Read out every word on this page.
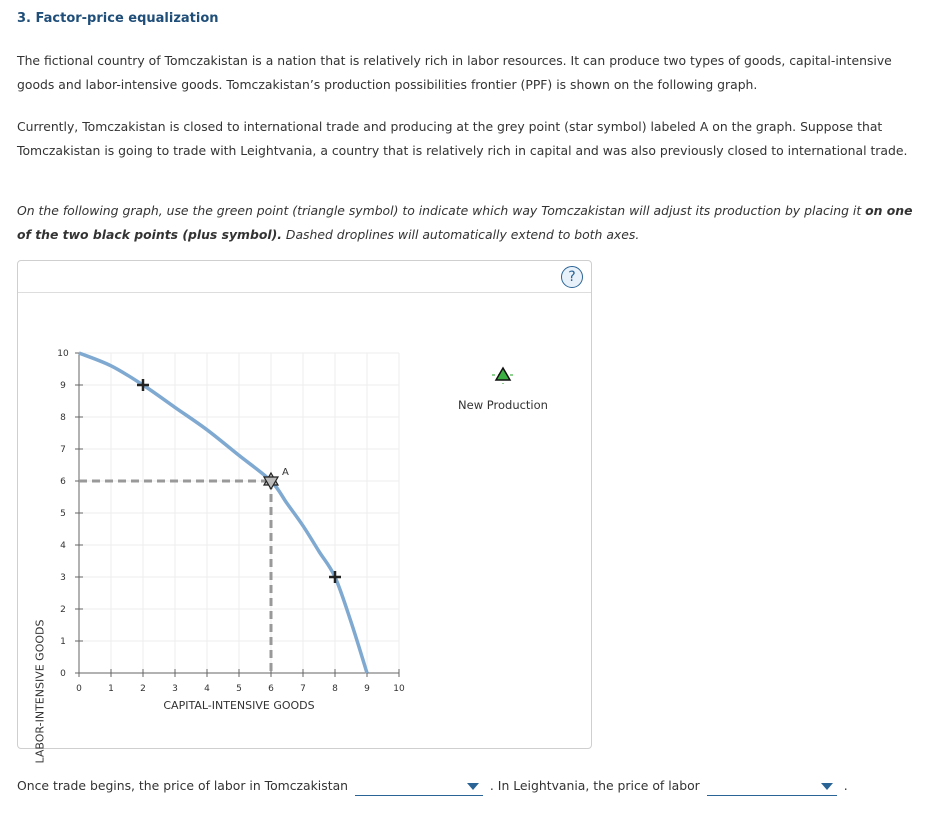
3. Factor-price equalization
The fictional country of Tomczakistan is a nation that is relatively rich in labor resources. It can produce two types of goods, capital-intensive goods and labor-intensive goods. Tomczakistan’s production possibilities frontier (PPF) is shown on the following graph.
Currently, Tomczakistan is closed to international trade and producing at the grey point (star symbol) labeled A on the graph. Suppose that Tomczakistan is going to trade with Leightvania, a country that is relatively rich in capital and was also previously closed to international trade.
On the following graph, use the green point (triangle symbol) to indicate which way Tomczakistan will adjust its production by placing it on one of the two black points (plus symbol). Dashed droplines will automatically extend to both axes.
?
0	1	2	3	4	5	6	7	8	9	10
0
1
2
3
4
5
6
7
8
9
10
A
CAPITAL-INTENSIVE GOODS
New Production
LABOR-INTENSIVE GOODS
Once trade begins, the price of labor in Tomczakistan	. In Leightvania, the price of labor	.
